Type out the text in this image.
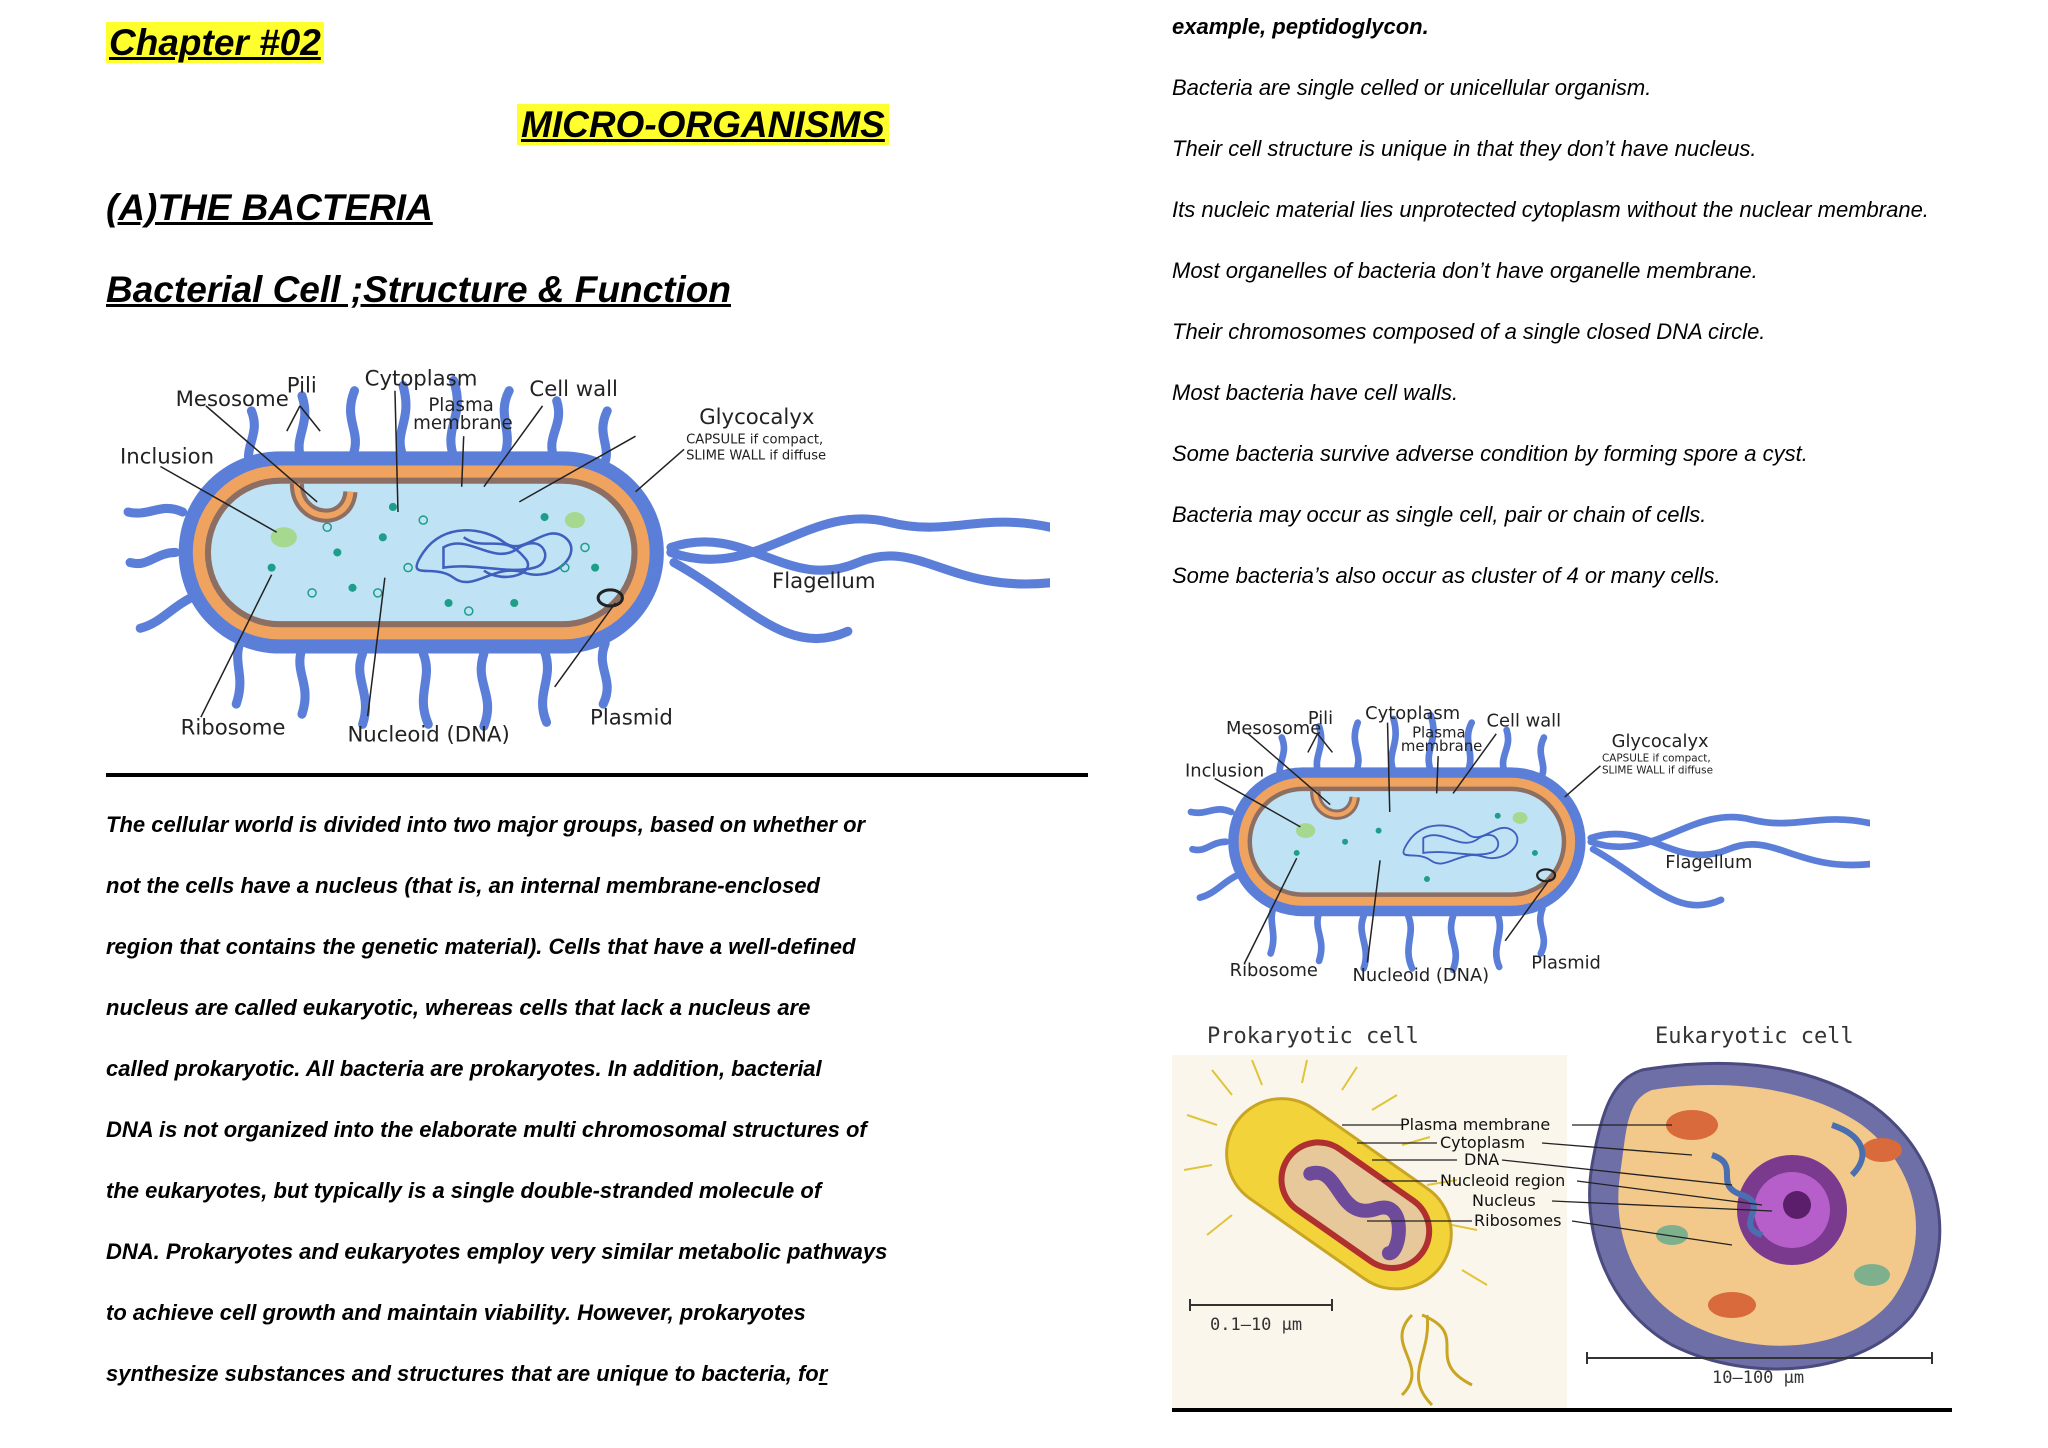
Chapter #02
MICRO-ORGANISMS
(A)THE BACTERIA
Bacterial Cell ;Structure & Function
Mesosome
Pili Cytoplasm
Plasma
membrane
Cell wall
Glycocalyx
CAPSULE if compact,
SLIME WALL if diffuse
Inclusion
Flagellum
Ribosome	Nucleoid (DNA)
Plasmid

The cellular world is divided into two major groups, based on whether or

not the cells have a nucleus (that is, an internal membrane-enclosed

region that contains the genetic material). Cells that have a well-defined

nucleus are called eukaryotic, whereas cells that lack a nucleus are

called prokaryotic. All bacteria are prokaryotes. In addition, bacterial

DNA is not organized into the elaborate multi chromosomal structures of

the eukaryotes, but typically is a single double-stranded molecule of

DNA. Prokaryotes and eukaryotes employ very similar metabolic pathways

to achieve cell growth and maintain viability. However, prokaryotes

synthesize substances and structures that are unique to bacteria, for

example, peptidoglycon.

Bacteria are single celled or unicellular organism.

Their cell structure is unique in that they don’t have nucleus.

Its nucleic material lies unprotected cytoplasm without the nuclear membrane.

Most organelles of bacteria don’t have organelle membrane.

Their chromosomes composed of a single closed DNA circle.

Most bacteria have cell walls.

Some bacteria survive adverse condition by forming spore a cyst.

Bacteria may occur as single cell, pair or chain of cells.

Some bacteria’s also occur as cluster of 4 or many cells.

Mesosome
Pili Cytoplasm
Plasma
membrane
Cell wall
Glycocalyx
CAPSULE if compact,
SLIME WALL if diffuse
Inclusion
Flagellum
Ribosome Nucleoid (DNA)
Plasmid
Prokaryotic cell	Eukaryotic cell
0.1–10 μm
10–100 μm
Plasma membrane
Cytoplasm
DNA
Nucleoid region
Nucleus
Ribosomes
